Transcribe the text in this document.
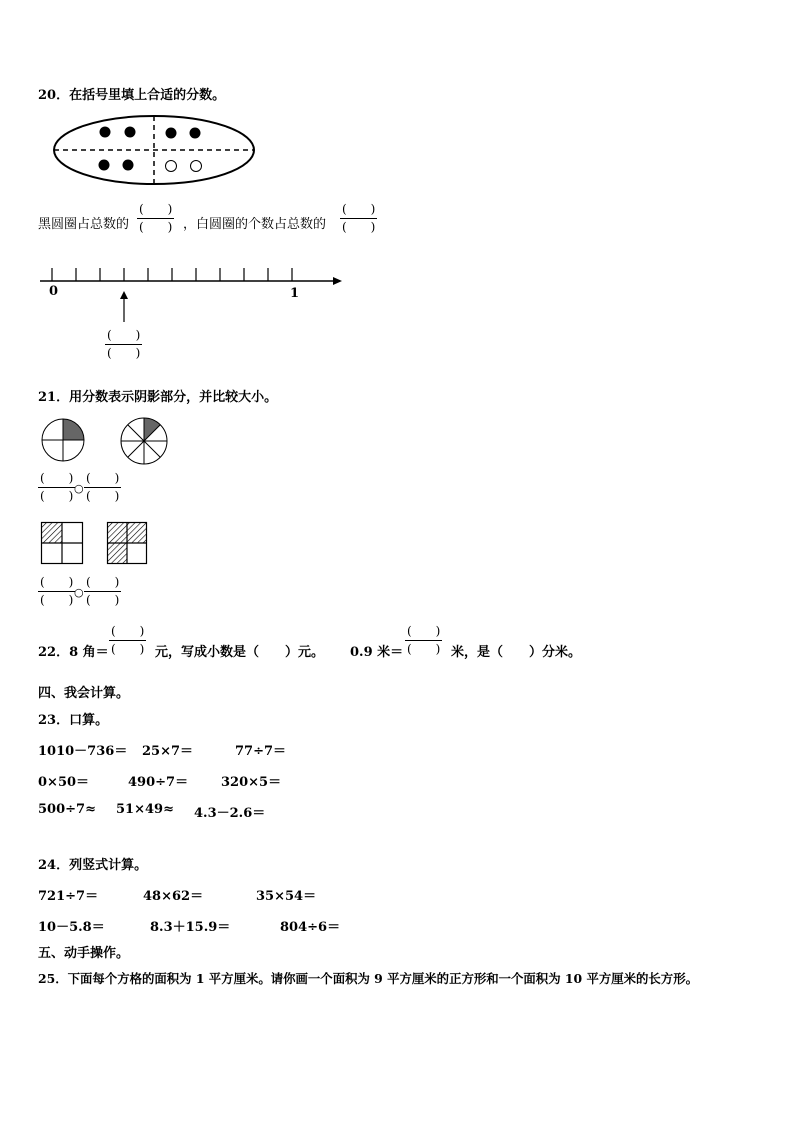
20．在括号里填上合适的分数。
黑圆圈占总数的
(　　)
(　　) ，白圆圈的个数占总数的
(　　)
(　　)
0	1
(　　)
(　　)
21．用分数表示阴影部分，并比较大小。
(　　)
(　　)
○
(　　)
(　　)
(　　)
(　　)
○
(　　)
(　　)
22．8 角＝
(　　)
(　　) 元，写成小数是（　　）元。 0.9 米＝
(　　)
(　　) 米，是（　　）分米。
四、我会计算。
23．口算。
1010－736＝ 25×7＝	77÷7＝
0×50＝	490÷7＝	320×5＝
500÷7≈ 51×49≈ 4.3－2.6＝
24．列竖式计算。
721÷7＝	48×62＝	35×54＝
10－5.8＝	8.3＋15.9＝	804÷6＝
五、动手操作。
25．下面每个方格的面积为 1 平方厘米。请你画一个面积为 9 平方厘米的正方形和一个面积为 10 平方厘米的长方形。
